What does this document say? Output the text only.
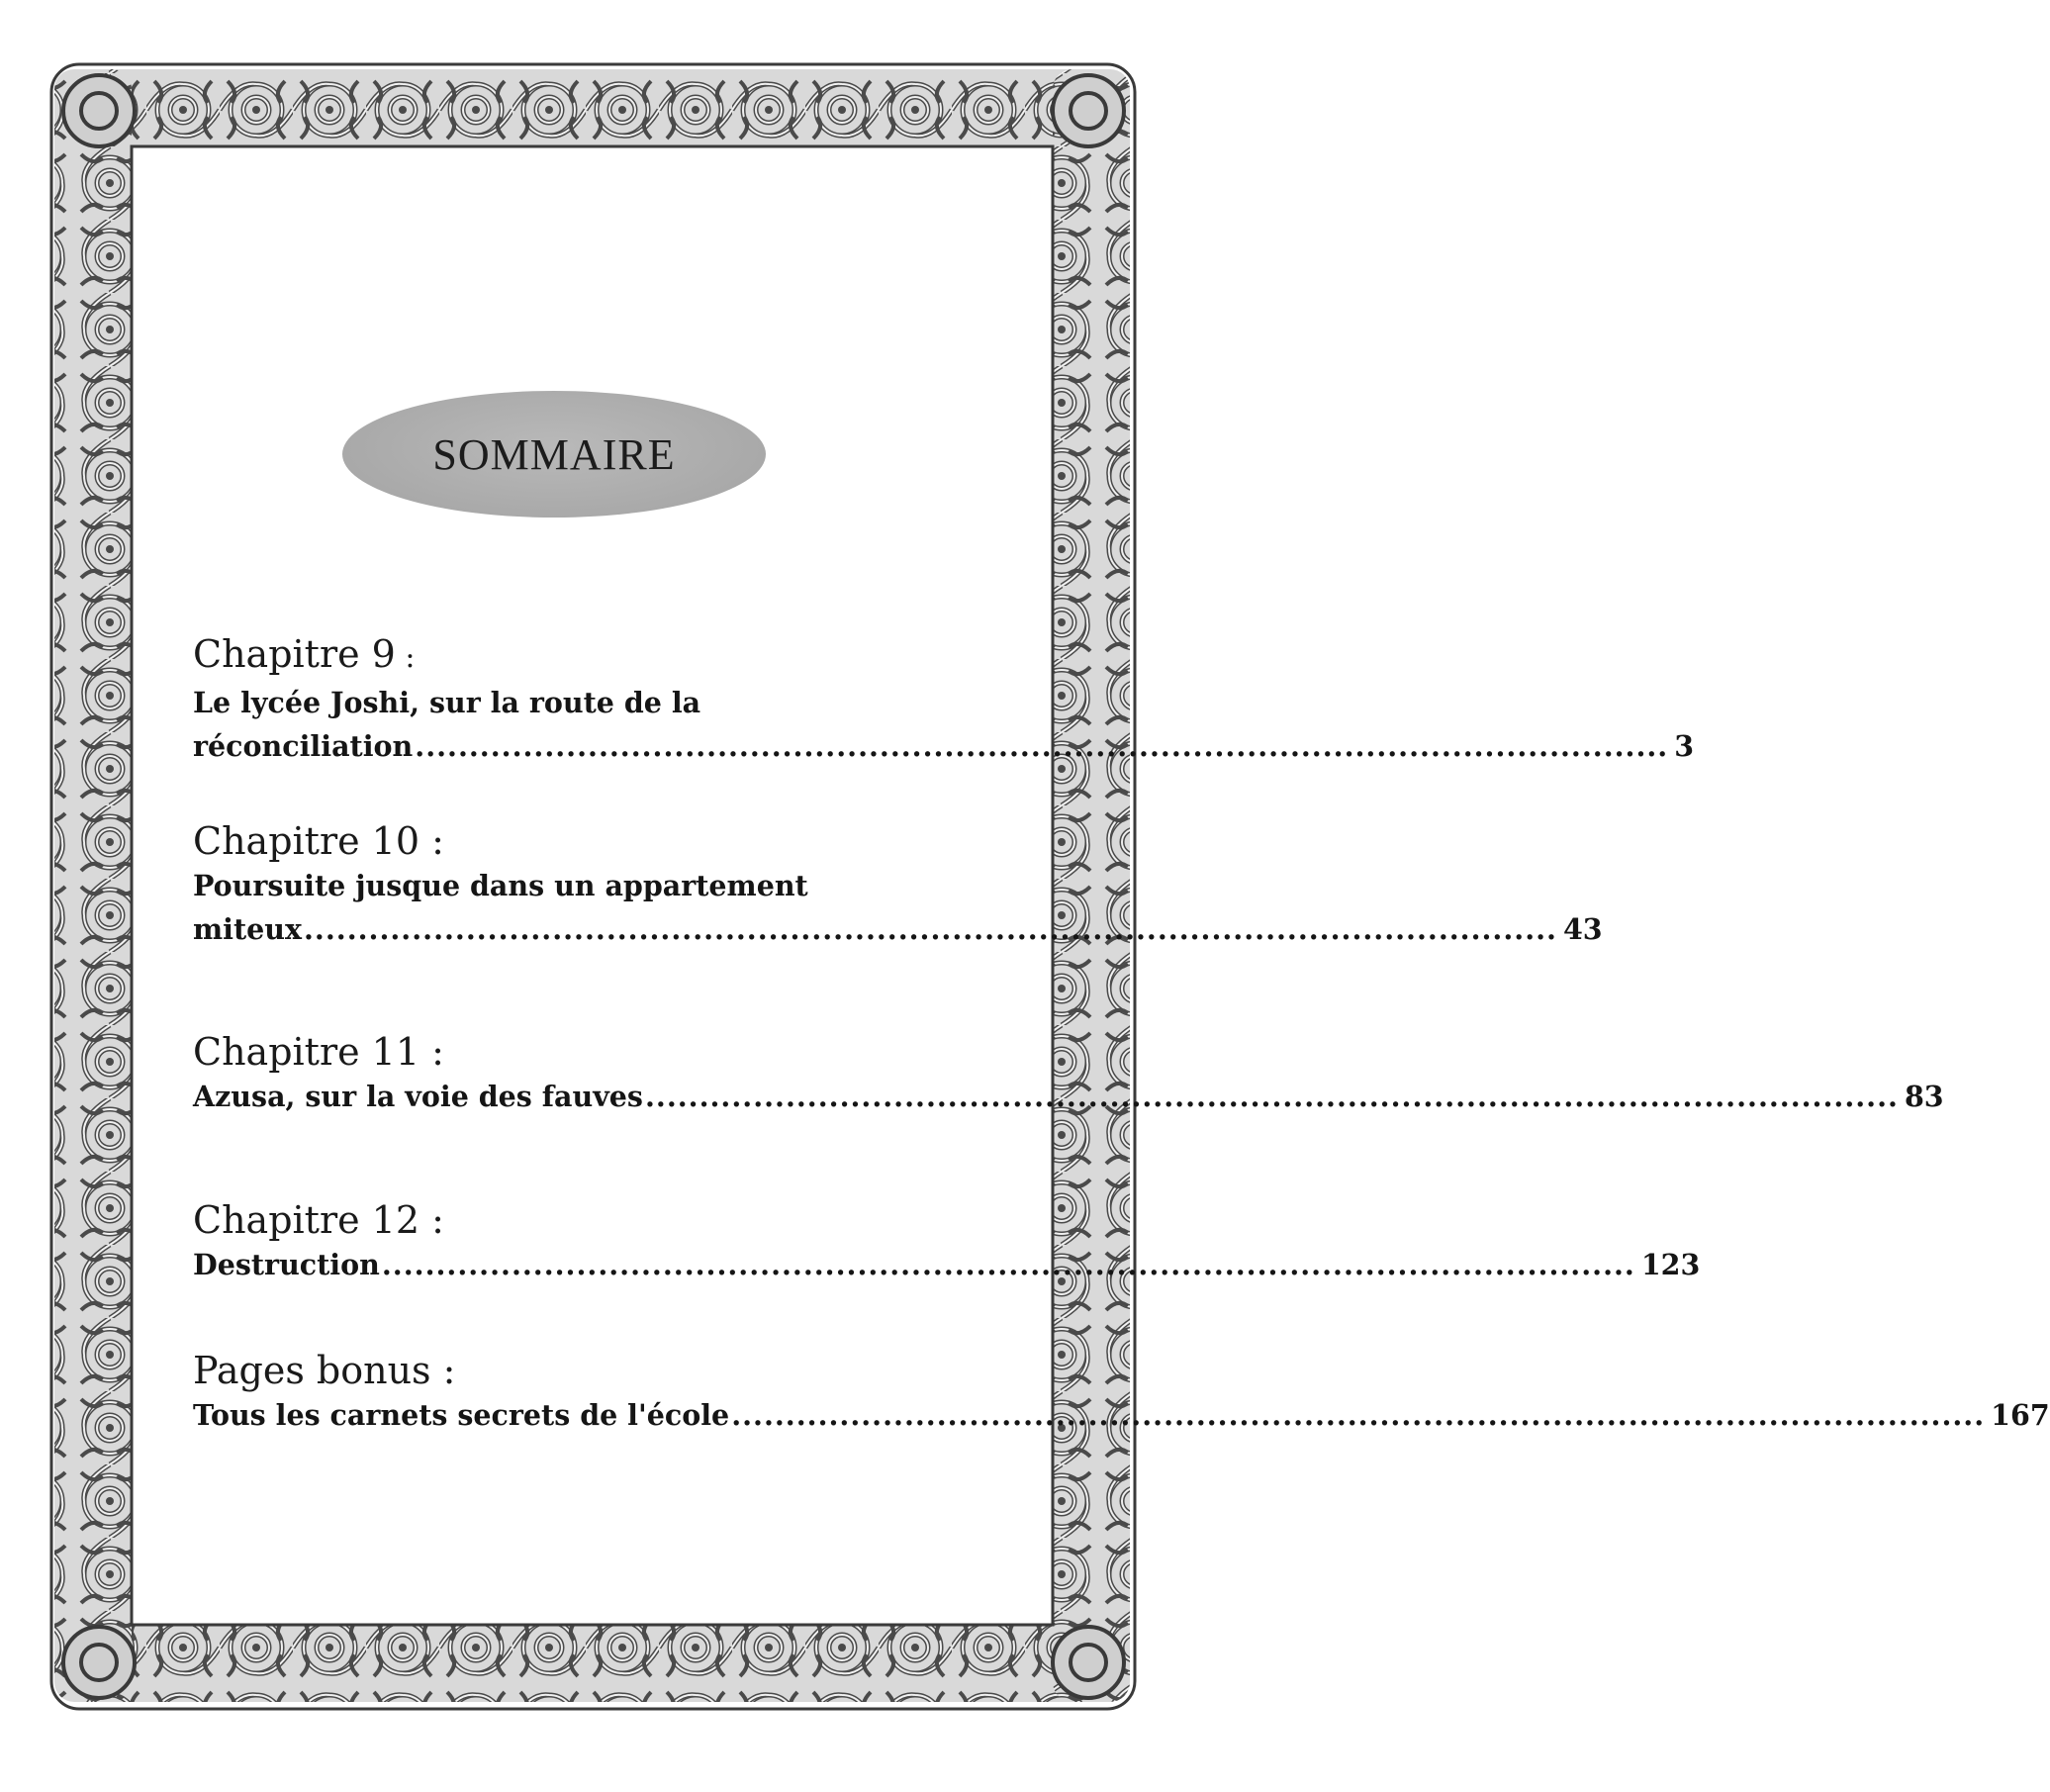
SOMMAIRE
Chapitre 9 :
Le lycée Joshi, sur la route de la
réconciliation .................................................................................................................... 3
Chapitre 10 :
Poursuite jusque dans un appartement
miteux .................................................................................................................... 43
Chapitre 11 :
Azusa, sur la voie des fauves .................................................................................................................... 83
Chapitre 12 :
Destruction .................................................................................................................... 123
Pages bonus :
Tous les carnets secrets de l'école .................................................................................................................... 167
